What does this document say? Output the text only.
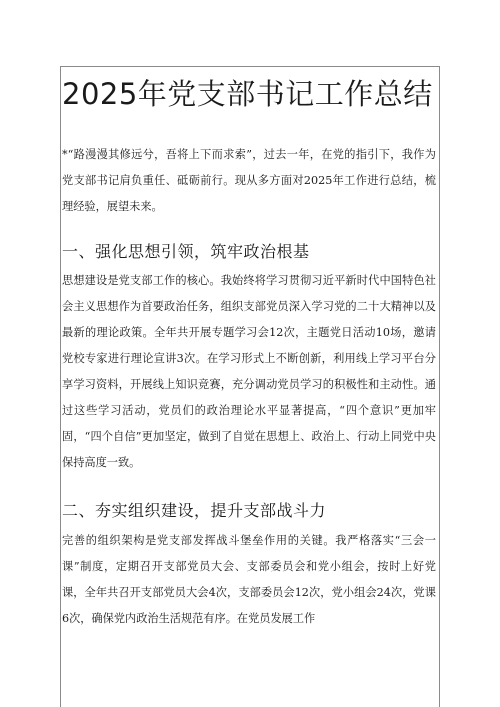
2025年党支部书记工作总结
*“路漫漫其修远兮，吾将上下而求索”，过去一年，在党的指引下，我作为党支部书记肩负重任、砥砺前行。现从多方面对2025年工作进行总结，梳理经验，展望未来。
一、强化思想引领，筑牢政治根基
思想建设是党支部工作的核心。我始终将学习贯彻习近平新时代中国特色社会主义思想作为首要政治任务，组织支部党员深入学习党的二十大精神以及最新的理论政策。全年共开展专题学习会12次，主题党日活动10场，邀请党校专家进行理论宣讲3次。在学习形式上不断创新，利用线上学习平台分享学习资料，开展线上知识竞赛，充分调动党员学习的积极性和主动性。通过这些学习活动，党员们的政治理论水平显著提高，“四个意识”更加牢固，“四个自信”更加坚定，做到了自觉在思想上、政治上、行动上同党中央保持高度一致。
二、夯实组织建设，提升支部战斗力
完善的组织架构是党支部发挥战斗堡垒作用的关键。我严格落实“三会一课”制度，定期召开支部党员大会、支部委员会和党小组会，按时上好党课，全年共召开支部党员大会4次，支部委员会12次，党小组会24次，党课6次，确保党内政治生活规范有序。在党员发展工作
